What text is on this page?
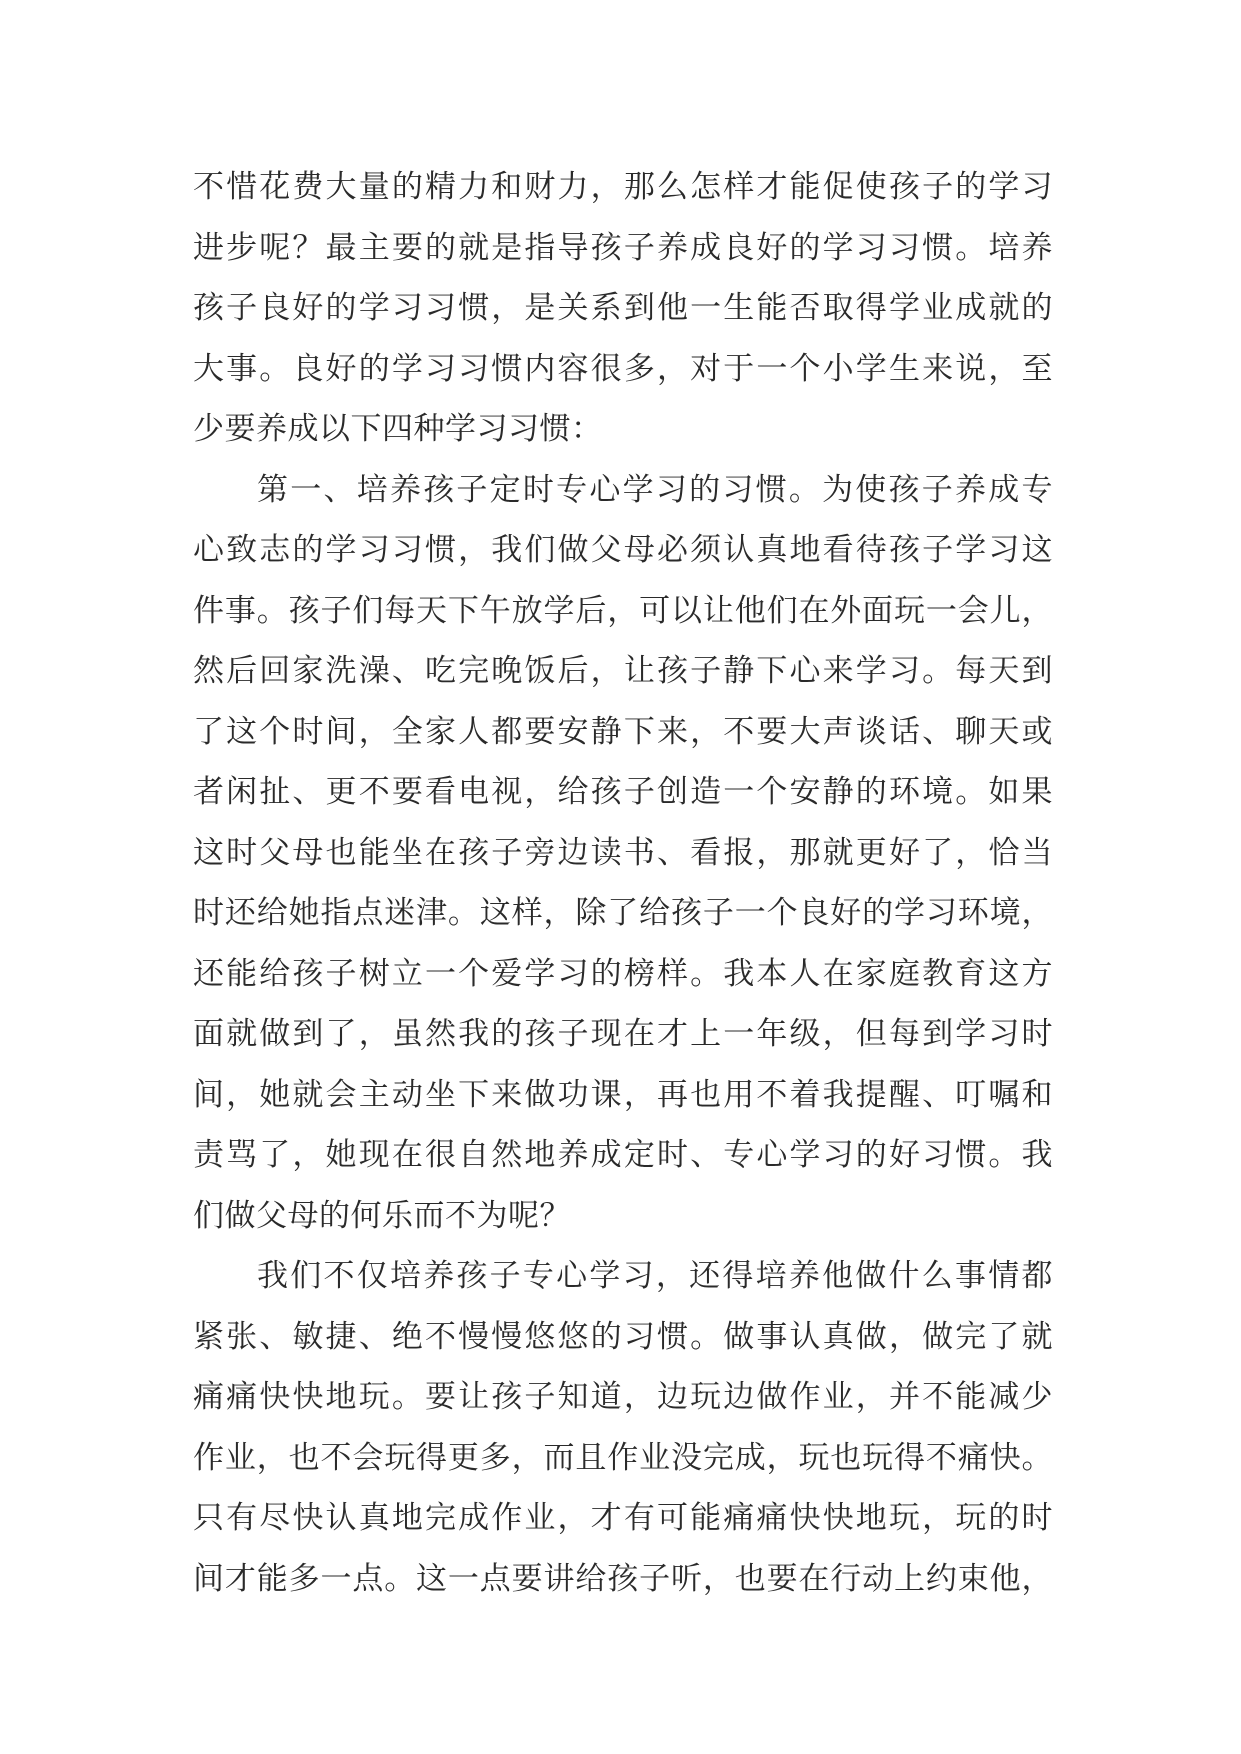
不惜花费大量的精力和财力，那么怎样才能促使孩子的学习
进步呢？最主要的就是指导孩子养成良好的学习习惯。培养
孩子良好的学习习惯，是关系到他一生能否取得学业成就的
大事。良好的学习习惯内容很多，对于一个小学生来说，至
少要养成以下四种学习习惯：
第一、培养孩子定时专心学习的习惯。为使孩子养成专
心致志的学习习惯，我们做父母必须认真地看待孩子学习这
件事。孩子们每天下午放学后，可以让他们在外面玩一会儿，
然后回家洗澡、吃完晚饭后，让孩子静下心来学习。每天到
了这个时间，全家人都要安静下来，不要大声谈话、聊天或
者闲扯、更不要看电视，给孩子创造一个安静的环境。如果
这时父母也能坐在孩子旁边读书、看报，那就更好了，恰当
时还给她指点迷津。这样，除了给孩子一个良好的学习环境，
还能给孩子树立一个爱学习的榜样。我本人在家庭教育这方
面就做到了，虽然我的孩子现在才上一年级，但每到学习时
间，她就会主动坐下来做功课，再也用不着我提醒、叮嘱和
责骂了，她现在很自然地养成定时、专心学习的好习惯。我
们做父母的何乐而不为呢？
我们不仅培养孩子专心学习，还得培养他做什么事情都
紧张、敏捷、绝不慢慢悠悠的习惯。做事认真做，做完了就
痛痛快快地玩。要让孩子知道，边玩边做作业，并不能减少
作业，也不会玩得更多，而且作业没完成，玩也玩得不痛快。
只有尽快认真地完成作业，才有可能痛痛快快地玩，玩的时
间才能多一点。这一点要讲给孩子听，也要在行动上约束他，
